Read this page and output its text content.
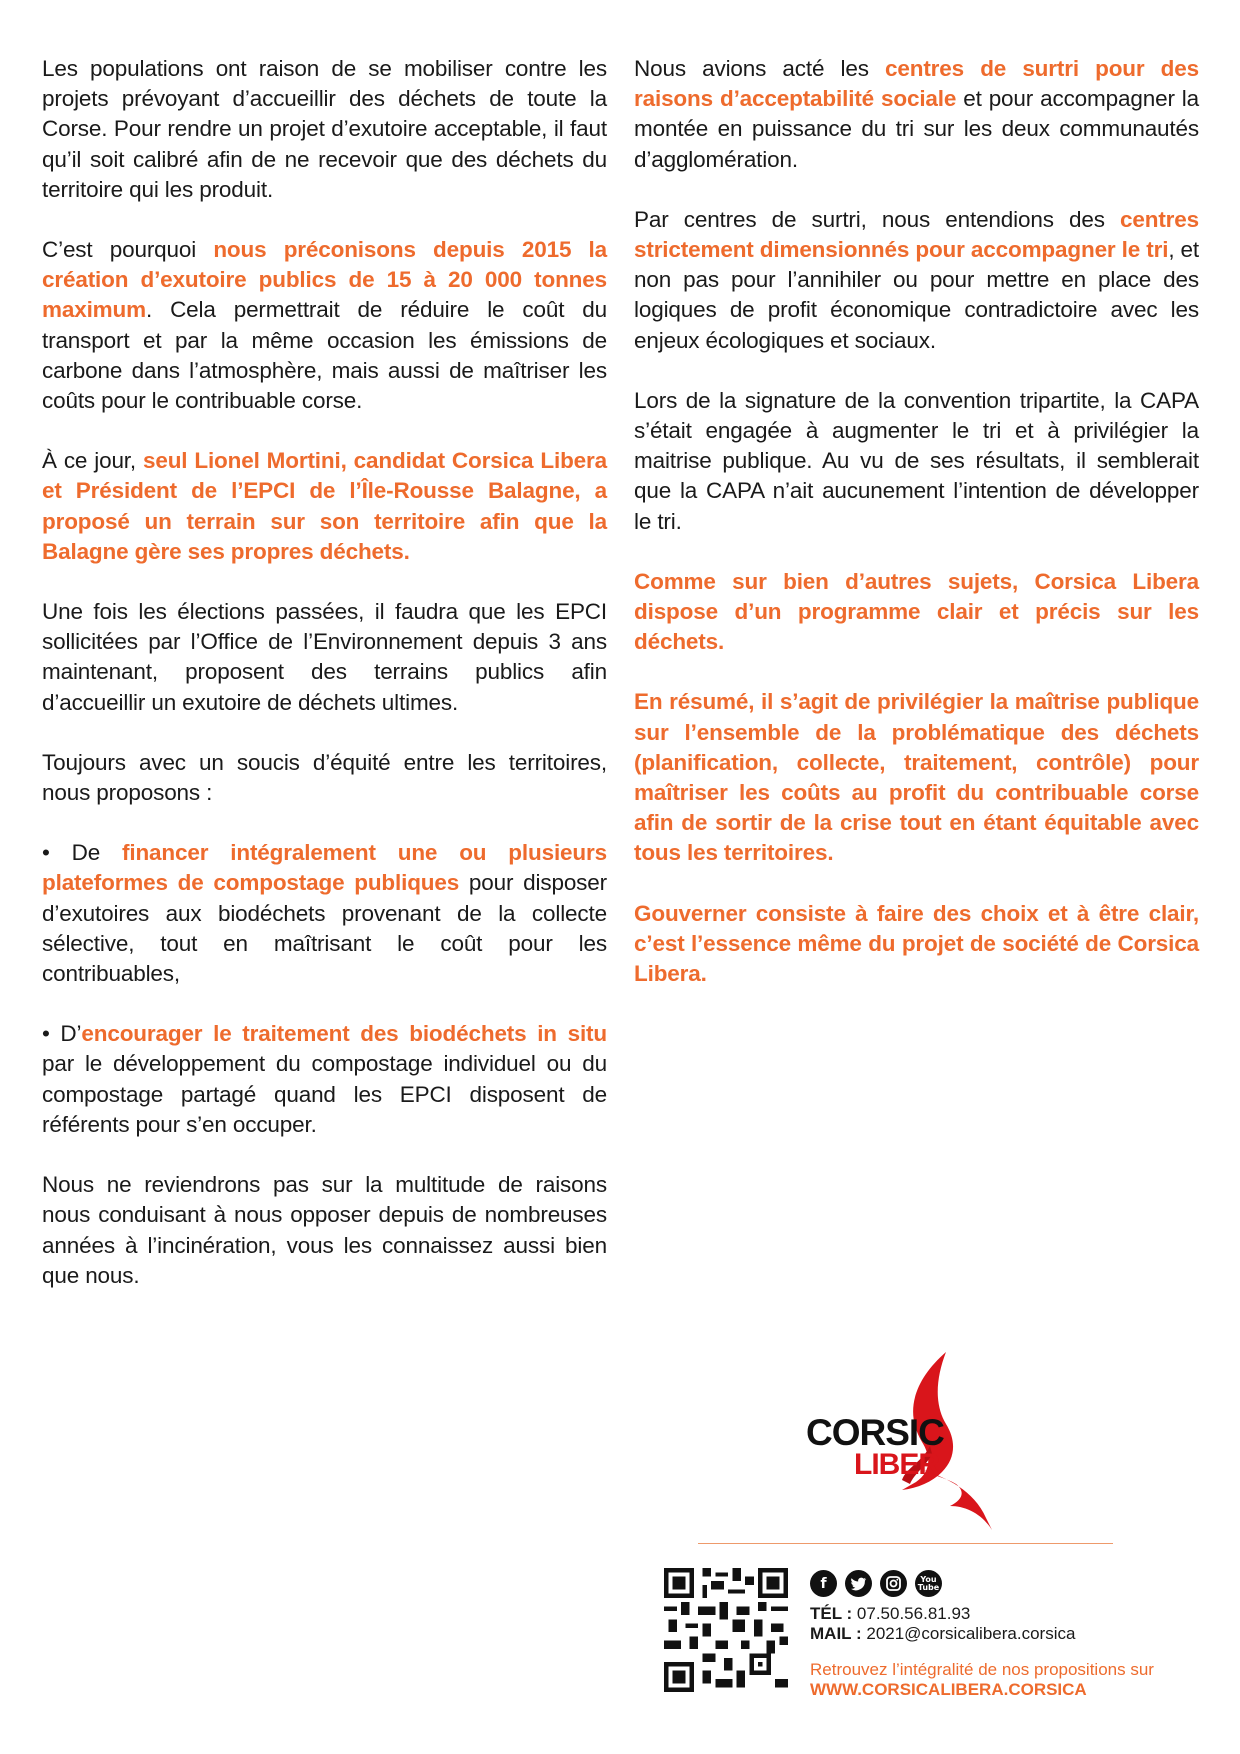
Les populations ont raison de se mobiliser contre les projets prévoyant d’accueillir des déchets de toute la Corse. Pour rendre un projet d’exutoire acceptable, il faut qu’il soit calibré afin de ne recevoir que des déchets du territoire qui les produit.

C’est pourquoi nous préconisons depuis 2015 la création d’exutoire publics de 15 à 20 000 tonnes maximum. Cela permettrait de réduire le coût du transport et par la même occasion les émissions de carbone dans l’atmosphère, mais aussi de maîtriser les coûts pour le contribuable corse.

À ce jour, seul Lionel Mortini, candidat Corsica Libera et Président de l’EPCI de l’Île-Rousse Balagne, a proposé un terrain sur son territoire afin que la Balagne gère ses propres déchets.

Une fois les élections passées, il faudra que les EPCI sollicitées par l’Office de l’Environnement depuis 3 ans maintenant, proposent des terrains publics afin d’accueillir un exutoire de déchets ultimes.

Toujours avec un soucis d’équité entre les territoires, nous proposons :

• De financer intégralement une ou plusieurs plateformes de compostage publiques pour disposer d’exutoires aux biodéchets provenant de la collecte sélective, tout en maîtrisant le coût pour les contribuables,

• D’encourager le traitement des biodéchets in situ par le développement du compostage individuel ou du compostage partagé quand les EPCI disposent de référents pour s’en occuper.

Nous ne reviendrons pas sur la multitude de raisons nous conduisant à nous opposer depuis de nombreuses années à l’incinération, vous les connaissez aussi bien que nous.

Nous avions acté les centres de surtri pour des raisons d’acceptabilité sociale et pour accompagner la montée en puissance du tri sur les deux communautés d’agglomération.

Par centres de surtri, nous entendions des centres strictement dimensionnés pour accompagner le tri, et non pas pour l’annihiler ou pour mettre en place des logiques de profit économique contradictoire avec les enjeux écologiques et sociaux.

Lors de la signature de la convention tripartite, la CAPA s’était engagée à augmenter le tri et à privilégier la maitrise publique. Au vu de ses résultats, il semblerait que la CAPA n’ait aucunement l’intention de développer le tri.

Comme sur bien d’autres sujets, Corsica Libera dispose d’un programme clair et précis sur les déchets.

En résumé, il s’agit de privilégier la maîtrise publique sur l’ensemble de la problématique des déchets (planification, collecte, traitement, contrôle) pour maîtriser les coûts au profit du contribuable corse afin de sortir de la crise tout en étant équitable avec tous les territoires.

Gouverner consiste à faire des choix et à être clair, c’est l’essence même du projet de société de Corsica Libera.

CORSIC
LIBER
f	You
Tube
TÉL : 07.50.56.81.93
MAIL : 2021@corsicalibera.corsica
Retrouvez l’intégralité de nos propositions sur
WWW.CORSICALIBERA.CORSICA
